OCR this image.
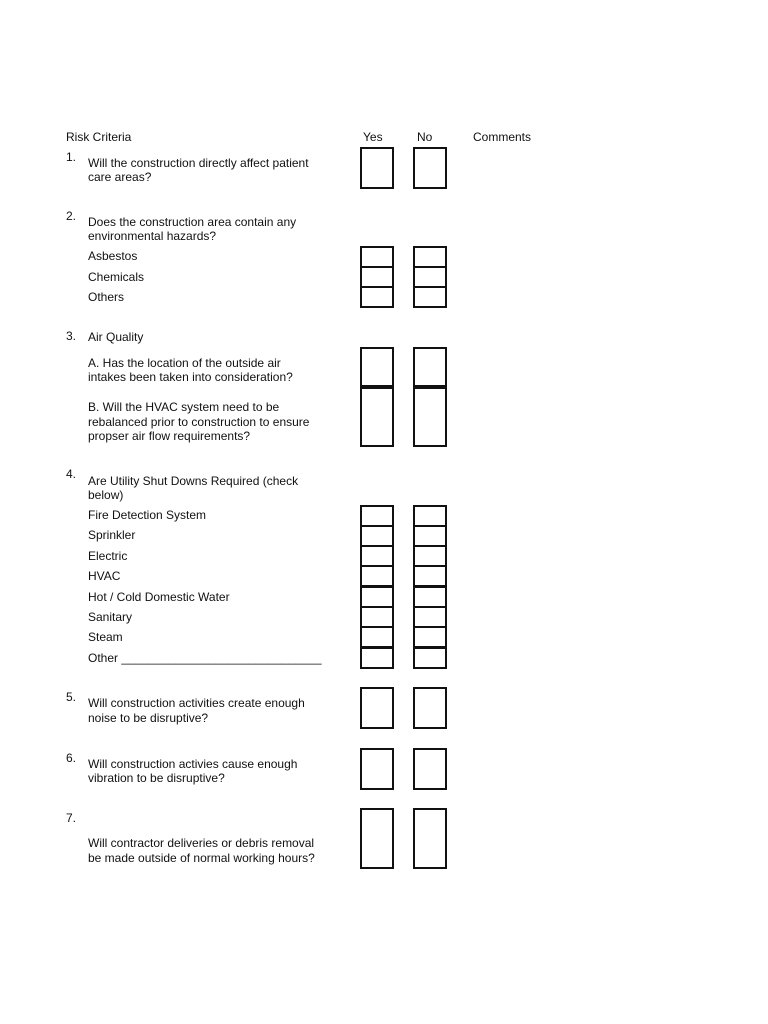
Risk Criteria	Yes	No	Comments
1. Will the construction directly affect patient
care areas?
2. Does the construction area contain any
environmental hazards?
Asbestos
Chemicals
Others
3. Air Quality
A. Has the location of the outside air
intakes been taken into consideration?
B. Will the HVAC system need to be
rebalanced prior to construction to ensure
propser air flow requirements?
4. Are Utility Shut Downs Required (check
below)
Fire Detection System
Sprinkler
Electric
HVAC
Hot / Cold Domestic Water
Sanitary
Steam
Other ______________________________
5. Will construction activities create enough
noise to be disruptive?
6. Will construction activies cause enough
vibration to be disruptive?
7.
Will contractor deliveries or debris removal
be made outside of normal working hours?
